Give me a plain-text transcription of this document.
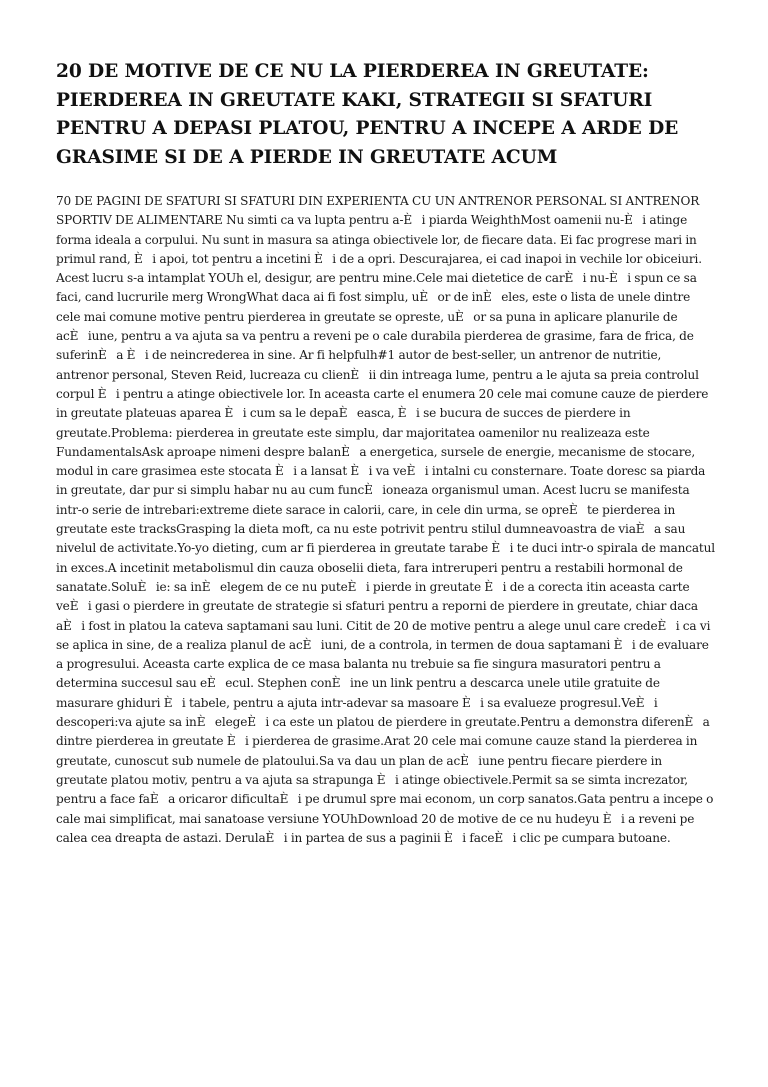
20 DE MOTIVE DE CE NU LA PIERDEREA IN GREUTATE: PIERDEREA IN GREUTATE KAKI, STRATEGII SI SFATURI PENTRU A DEPASI PLATOU, PENTRU A INCEPE A ARDE DE GRASIME SI DE A PIERDE IN GREUTATE ACUM

70 DE PAGINI DE SFATURI SI SFATURI DIN EXPERIENTA CU UN ANTRENOR PERSONAL SI ANTRENOR SPORTIV DE ALIMENTARE Nu simti ca va lupta pentru a-Èi piarda WeighthMost oamenii nu-Èi atinge forma ideala a corpului. Nu sunt in masura sa atinga obiectivele lor, de fiecare data. Ei fac progrese mari in primul rand, Èi apoi, tot pentru a incetini Èi de a opri. Descurajarea, ei cad inapoi in vechile lor obiceiuri. Acest lucru s-a intamplat YOUh el, desigur, are pentru mine.Cele mai dietetice de carÈi nu-Èi spun ce sa faci, cand lucrurile merg WrongWhat daca ai fi fost simplu, uÈor de inÈeles, este o lista de unele dintre cele mai comune motive pentru pierderea in greutate se opreste, uÈor sa puna in aplicare planurile de acÈiune, pentru a va ajuta sa va pentru a reveni pe o cale durabila pierderea de grasime, fara de frica, de suferinÈa Èi de neincrederea in sine. Ar fi helpfulh#1 autor de best-seller, un antrenor de nutritie, antrenor personal, Steven Reid, lucreaza cu clienÈii din intreaga lume, pentru a le ajuta sa preia controlul corpul Èi pentru a atinge obiectivele lor. In aceasta carte el enumera 20 cele mai comune cauze de pierdere in greutate plateuas aparea Èi cum sa le depaÈeasca, Èi se bucura de succes de pierdere in greutate.Problema: pierderea in greutate este simplu, dar majoritatea oamenilor nu realizeaza este FundamentalsAsk aproape nimeni despre balanÈa energetica, sursele de energie, mecanisme de stocare, modul in care grasimea este stocata Èi a lansat Èi va veÈi intalni cu consternare. Toate doresc sa piarda in greutate, dar pur si simplu habar nu au cum funcÈioneaza organismul uman. Acest lucru se manifesta intr-o serie de intrebari:extreme diete sarace in calorii, care, in cele din urma, se opreÈte pierderea in greutate este tracksGrasping la dieta moft, ca nu este potrivit pentru stilul dumneavoastra de viaÈa sau nivelul de activitate.Yo-yo dieting, cum ar fi pierderea in greutate tarabe Èi te duci intr-o spirala de mancatul in exces.A incetinit metabolismul din cauza oboselii dieta, fara intreruperi pentru a restabili hormonal de sanatate.SoluÈie: sa inÈelegem de ce nu puteÈi pierde in greutate Èi de a corecta itin aceasta carte veÈi gasi o pierdere in greutate de strategie si sfaturi pentru a reporni de pierdere in greutate, chiar daca aÈi fost in platou la cateva saptamani sau luni. Citit de 20 de motive pentru a alege unul care credeÈi ca vi se aplica in sine, de a realiza planul de acÈiuni, de a controla, in termen de doua saptamani Èi de evaluare a progresului. Aceasta carte explica de ce masa balanta nu trebuie sa fie singura masuratori pentru a determina succesul sau eÈecul. Stephen conÈine un link pentru a descarca unele utile gratuite de masurare ghiduri Èi tabele, pentru a ajuta intr-adevar sa masoare Èi sa evalueze progresul.VeÈi descoperi:va ajute sa inÈelegeÈi ca este un platou de pierdere in greutate.Pentru a demonstra diferenÈa dintre pierderea in greutate Èi pierderea de grasime.Arat 20 cele mai comune cauze stand la pierderea in greutate, cunoscut sub numele de platoului.Sa va dau un plan de acÈiune pentru fiecare pierdere in greutate platou motiv, pentru a va ajuta sa strapunga Èi atinge obiectivele.Permit sa se simta increzator, pentru a face faÈa oricaror dificultaÈi pe drumul spre mai econom, un corp sanatos.Gata pentru a incepe o cale mai simplificat, mai sanatoase versiune YOUhDownload 20 de motive de ce nu hudeyu Èi a reveni pe calea cea dreapta de astazi. DerulaÈi in partea de sus a paginii Èi faceÈi clic pe cumpara butoane.
